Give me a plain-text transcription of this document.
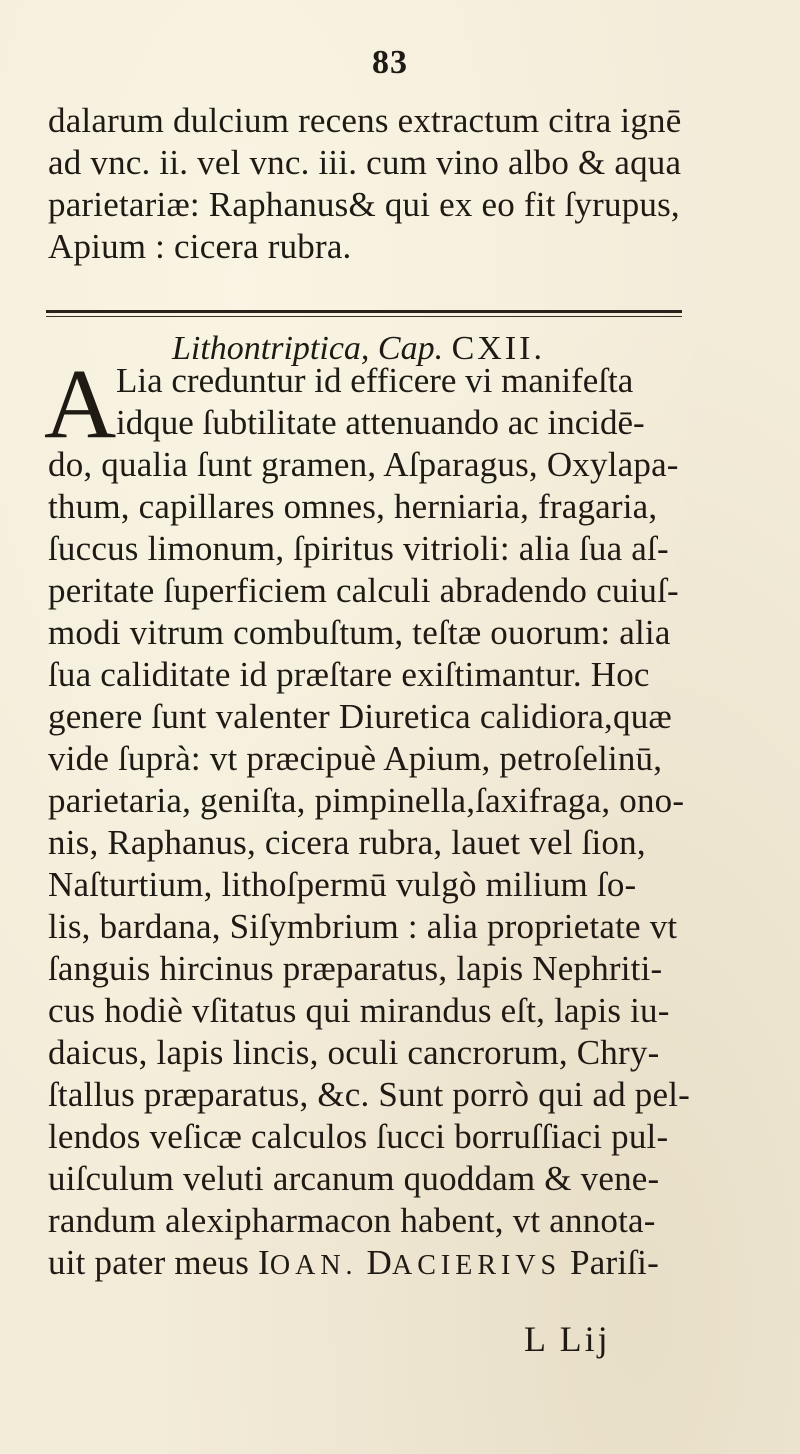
83
dalarum dulcium recens extractum citra ignē
ad vnc. ii. vel vnc. iii. cum vino albo & aqua
parietariæ: Raphanus& qui ex eo fit ſyrupus,
Apium : cicera rubra.
Lithontriptica, Cap. CXII.
A Lia creduntur id efficere vi manifeſta
idque ſubtilitate attenuando ac incidē-
do, qualia ſunt gramen, Aſparagus, Oxylapa-
thum, capillares omnes, herniaria, fragaria,
ſuccus limonum, ſpiritus vitrioli: alia ſua aſ-
peritate ſuperficiem calculi abradendo cuiuſ-
modi vitrum combuſtum, teſtæ ouorum: alia
ſua caliditate id præſtare exiſtimantur. Hoc
genere ſunt valenter Diuretica calidiora,quæ
vide ſuprà: vt præcipuè Apium, petroſelinū,
parietaria, geniſta, pimpinella,ſaxifraga, ono-
nis, Raphanus, cicera rubra, lauet vel ſion,
Naſturtium, lithoſpermū vulgò milium ſo-
lis, bardana, Siſymbrium : alia proprietate vt
ſanguis hircinus præparatus, lapis Nephriti-
cus hodiè vſitatus qui mirandus eſt, lapis iu-
daicus, lapis lincis, oculi cancrorum, Chry-
ſtallus præparatus, &c. Sunt porrò qui ad pel-
lendos veſicæ calculos ſucci borruſſiaci pul-
uiſculum veluti arcanum quoddam & vene-
randum alexipharmacon habent, vt annota-
uit pater meus IOAN. DACIERIVS Pariſi-
L Lij
